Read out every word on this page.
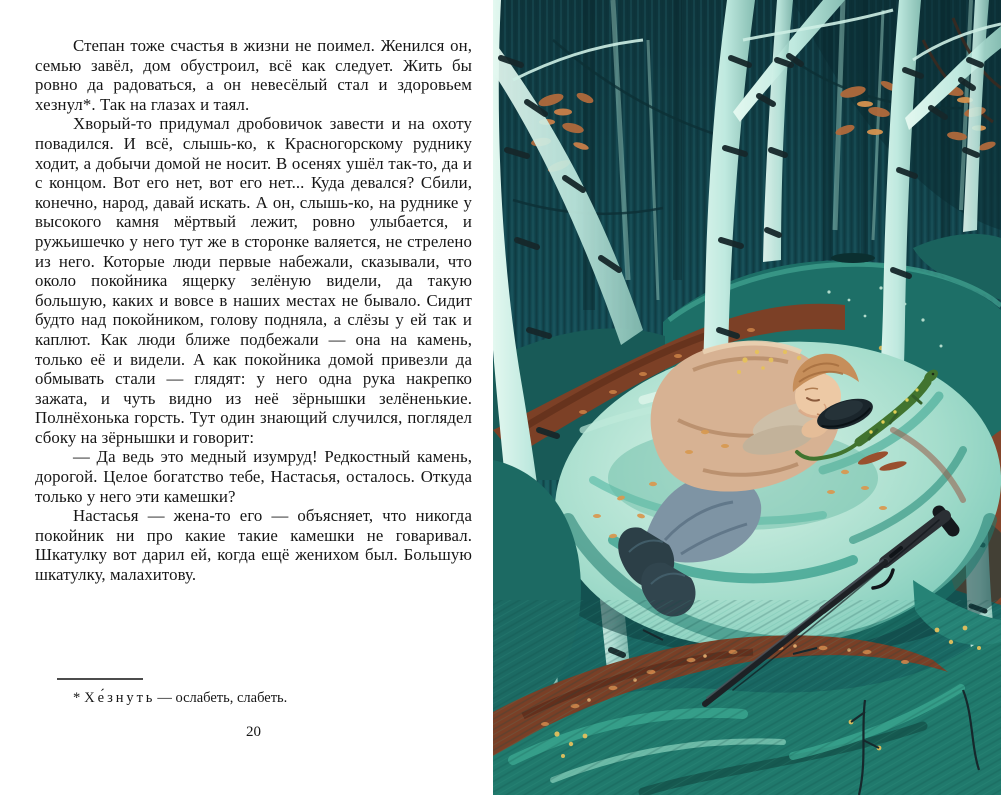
Степан тоже счастья в жизни не поимел. Женился он, семью завёл, дом обустроил, всё как следует. Жить бы ровно да радоваться, а он невесёлый стал и здоровьем хезнул*. Так на глазах и таял.

Хворый-то придумал дробовичок завести и на охоту повадился. И всё, слышь-ко, к Красногорскому руднику ходит, а добычи домой не носит. В осенях ушёл так-то, да и с концом. Вот его нет, вот его нет... Куда девался? Сбили, конечно, народ, давай искать. А он, слышь-ко, на руднике у высокого камня мёртвый лежит, ровно улыбается, и ружьишечко у него тут же в сторонке валяется, не стрелено из него. Которые люди первые набежали, сказывали, что около покойника ящерку зелёную видели, да такую большую, каких и вовсе в наших местах не бывало. Сидит будто над покойником, голову подняла, а слёзы у ей так и каплют. Как люди ближе подбежали — она на камень, только её и видели. А как покойника домой привезли да обмывать стали — глядят: у него одна рука накрепко зажата, и чуть видно из неё зёрнышки зелёненькие. Полнёхонька горсть. Тут один знающий случился, поглядел сбоку на зёрнышки и говорит:

— Да ведь это медный изумруд! Редкостный камень, дорогой. Целое богатство тебе, Настасья, осталось. Откуда только у него эти камешки?

Настасья — жена-то его — объясняет, что никогда покойник ни про какие такие камешки не говаривал. Шкатулку вот дарил ей, когда ещё женихом был. Большую шкатулку, малахитову.

* Хе́знуть — ослабеть, слабеть.

20
